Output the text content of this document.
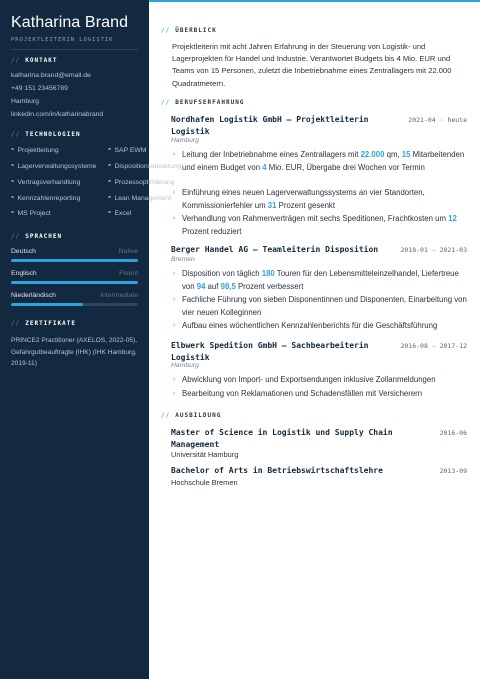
Katharina Brand
PROJEKTLEITERIN LOGISTIK
// KONTAKT
katharina.brand@email.de
+49 151 23456789
Hamburg
linkedin.com/in/katharinabrand
// TECHNOLOGIEN
Projektleitung	SAP EWM
Lagerverwaltungssysteme	Dispositionssteuerung
Vertragsverhandlung	Prozessoptimierung
Kennzahlenreporting	Lean Management
MS Project	Excel
// SPRACHEN
Deutsch	Native
Englisch	Fluent
Niederländisch	Intermediate
// ZERTIFIKATE
PRINCE2 Practitioner (AXELOS, 2022-05), Gefahrgutbeauftragte (IHK) (IHK Hamburg, 2019-11)
// ÜBERBLICK
Projektleiterin mit acht Jahren Erfahrung in der Steuerung von Logistik- und Lagerprojekten für Handel und Industrie. Verantwortet Budgets bis 4 Mio. EUR und Teams von 15 Personen, zuletzt die Inbetriebnahme eines Zentrallagers mit 22.000 Quadratmetern.
// BERUFSERFAHRUNG
Nordhafen Logistik GmbH — Projektleiterin Logistik
2021-04 · heute
Hamburg
› Leitung der Inbetriebnahme eines Zentrallagers mit 22.000 qm, 15 Mitarbeitenden und einem Budget von 4 Mio. EUR, Übergabe drei Wochen vor Termin
› Einführung eines neuen Lagerverwaltungssystems an vier Standorten, Kommissionierfehler um 31 Prozent gesenkt
› Verhandlung von Rahmenverträgen mit sechs Speditionen, Frachtkosten um 12 Prozent reduziert
Berger Handel AG — Teamleiterin Disposition	2018-01 - 2021-03
Bremen
› Disposition von täglich 180 Touren für den Lebensmitteleinzelhandel, Liefertreue von 94 auf 98,5 Prozent verbessert
› Fachliche Führung von sieben Disponentinnen und Disponenten, Einarbeitung von vier neuen Kolleginnen
› Aufbau eines wöchentlichen Kennzahlenberichts für die Geschäftsführung
Elbwerk Spedition GmbH — Sachbearbeiterin Logistik
2016-08 - 2017-12
Hamburg
› Abwicklung von Import- und Exportsendungen inklusive Zollanmeldungen
› Bearbeitung von Reklamationen und Schadensfällen mit Versicherern
// AUSBILDUNG
Master of Science in Logistik und Supply Chain Management
2016-06
Universität Hamburg
Bachelor of Arts in Betriebswirtschaftslehre	2013-09
Hochschule Bremen
